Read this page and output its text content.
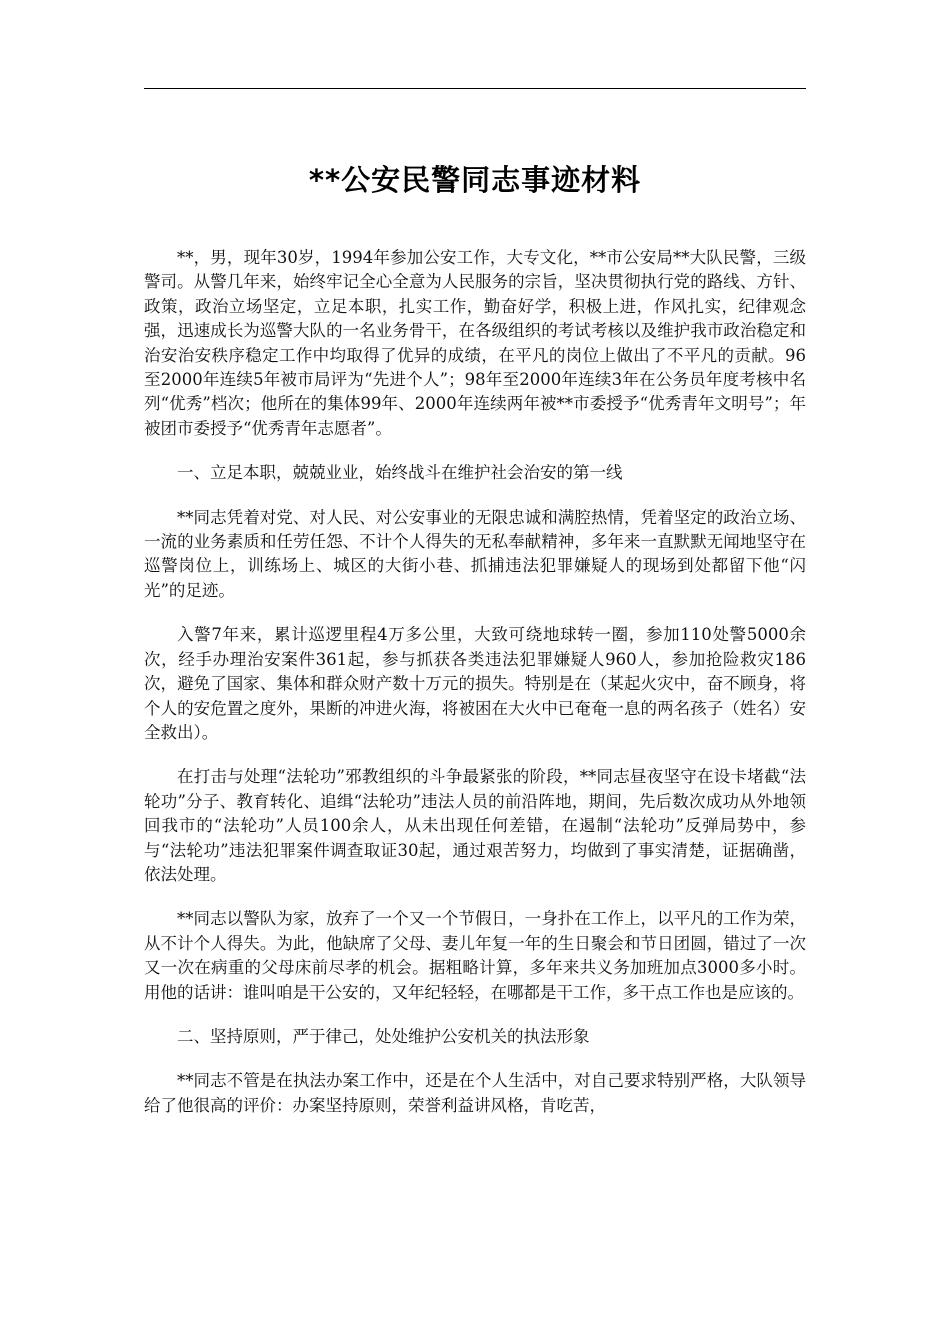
**公安民警同志事迹材料

**，男，现年30岁，1994年参加公安工作，大专文化，**市公安局**大队民警，三级警司。从警几年来，始终牢记全心全意为人民服务的宗旨，坚决贯彻执行党的路线、方针、政策，政治立场坚定，立足本职，扎实工作，勤奋好学，积极上进，作风扎实，纪律观念强，迅速成长为巡警大队的一名业务骨干，在各级组织的考试考核以及维护我市政治稳定和治安治安秩序稳定工作中均取得了优异的成绩，在平凡的岗位上做出了不平凡的贡献。96至2000年连续5年被市局评为“先进个人”；98年至2000年连续3年在公务员年度考核中名列“优秀”档次；他所在的集体99年、2000年连续两年被**市委授予“优秀青年文明号”；年被团市委授予“优秀青年志愿者”。

一、立足本职，兢兢业业，始终战斗在维护社会治安的第一线

**同志凭着对党、对人民、对公安事业的无限忠诚和满腔热情，凭着坚定的政治立场、一流的业务素质和任劳任怨、不计个人得失的无私奉献精神，多年来一直默默无闻地坚守在巡警岗位上，训练场上、城区的大街小巷、抓捕违法犯罪嫌疑人的现场到处都留下他“闪光”的足迹。

入警7年来，累计巡逻里程4万多公里，大致可绕地球转一圈，参加110处警5000余次，经手办理治安案件361起，参与抓获各类违法犯罪嫌疑人960人，参加抢险救灾186次，避免了国家、集体和群众财产数十万元的损失。特别是在（某起火灾中，奋不顾身，将个人的安危置之度外，果断的冲进火海，将被困在大火中已奄奄一息的两名孩子（姓名）安全救出）。

在打击与处理“法轮功”邪教组织的斗争最紧张的阶段，**同志昼夜坚守在设卡堵截“法轮功”分子、教育转化、追缉“法轮功”违法人员的前沿阵地，期间，先后数次成功从外地领回我市的“法轮功”人员100余人，从未出现任何差错，在遏制“法轮功”反弹局势中，参与“法轮功”违法犯罪案件调查取证30起，通过艰苦努力，均做到了事实清楚，证据确凿，依法处理。

**同志以警队为家，放弃了一个又一个节假日，一身扑在工作上，以平凡的工作为荣，从不计个人得失。为此，他缺席了父母、妻儿年复一年的生日聚会和节日团圆，错过了一次又一次在病重的父母床前尽孝的机会。据粗略计算，多年来共义务加班加点3000多小时。用他的话讲：谁叫咱是干公安的，又年纪轻轻，在哪都是干工作，多干点工作也是应该的。

二、坚持原则，严于律己，处处维护公安机关的执法形象

**同志不管是在执法办案工作中，还是在个人生活中，对自己要求特别严格，大队领导给了他很高的评价：办案坚持原则，荣誉利益讲风格，肯吃苦，
